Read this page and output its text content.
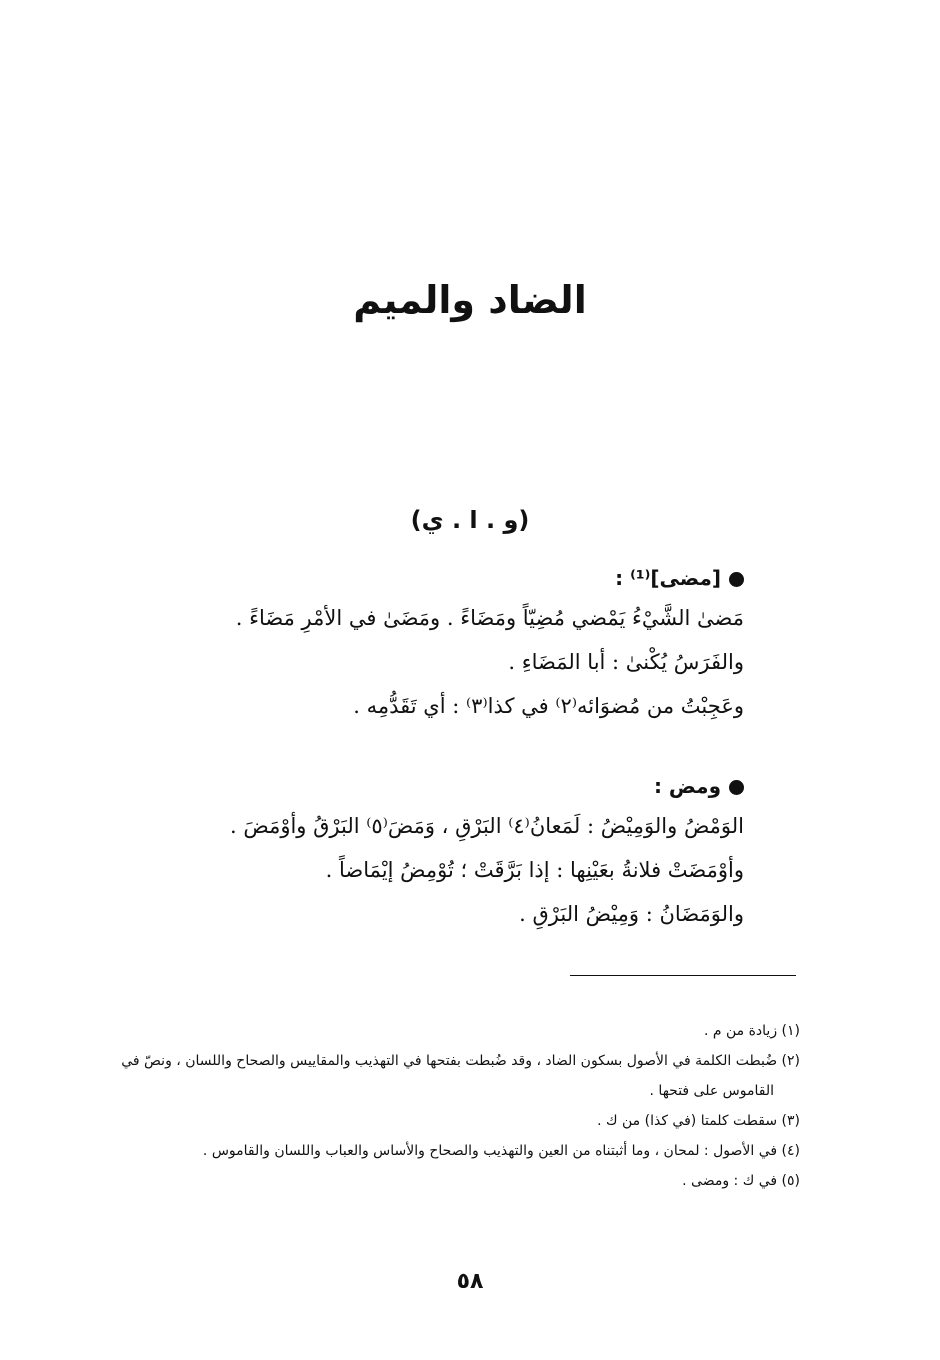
الضاد والميم
(و . ا . ي)
[مضى]⁽¹⁾ :
مَضىٰ الشَّيْءُ يَمْضي مُضِيّاً ومَضَاءً . ومَضَىٰ في الأمْرِ مَضَاءً .
والفَرَسُ يُكْنىٰ : أبا المَضَاءِ .
وعَجِبْتُ من مُضوَائه⁽٢⁾ في كذا⁽٣⁾ : أي تَقَدُّمِه .
ومض :
الوَمْضُ والوَمِيْضُ : لَمَعانُ⁽٤⁾ البَرْقِ ، وَمَضَ⁽٥⁾ البَرْقُ وأوْمَضَ .
وأوْمَضَتْ فلانةُ بعَيْنِها : إذا بَرَّقَتْ ؛ تُوْمِضُ إيْمَاضاً .
والوَمَضَانُ : وَمِيْضُ البَرْقِ .
(١) زيادة من م .
(٢) ضُبطت الكلمة في الأصول بسكون الضاد ، وقد ضُبطت بفتحها في التهذيب والمقاييس والصحاح واللسان ، ونصّ في القاموس على فتحها .
(٣) سقطت كلمتا (في كذا) من ك .
(٤) في الأصول : لمحان ، وما أثبتناه من العين والتهذيب والصحاح والأساس والعباب واللسان والقاموس .
(٥) في ك : ومضى .
٥٨
